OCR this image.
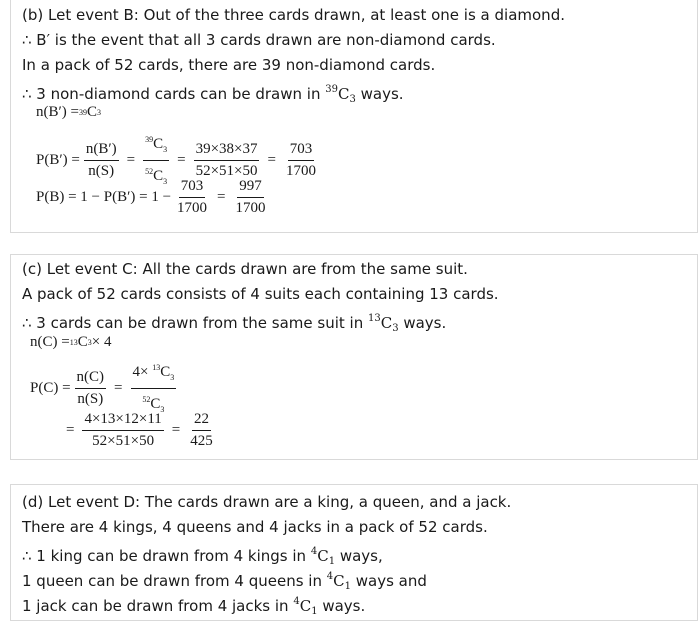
(b) Let event B: Out of the three cards drawn, at least one is a diamond.
∴ B′ is the event that all 3 cards drawn are non-diamond cards.
In a pack of 52 cards, there are 39 non-diamond cards.
∴ 3 non-diamond cards can be drawn in $^{39}C_3$ ways.
n(B′) = 39 C 3
$P(B') = \frac{n(B')}{n(S)} = \frac{^{39}C_3}{^{52}C_3} = \frac{39\times 38\times 37}{52\times 51\times 50} = \frac{703}{1700}$
$P(B) = 1 - P(B') = 1 - \frac{703}{1700} = \frac{997}{1700}$
(c) Let event C: All the cards drawn are from the same suit.
A pack of 52 cards consists of 4 suits each containing 13 cards.
∴ 3 cards can be drawn from the same suit in $^{13}C_3$ ways.
n(C) = 13 C 3 × 4
$P(C) = \frac{n(C)}{n(S)} = \frac{4\times ^{13}C_3}{^{52}C_3}$
= $\frac{4\times 13\times 12\times 11}{52\times 51\times 50} = \frac{22}{425}$
(d) Let event D: The cards drawn are a king, a queen, and a jack.
There are 4 kings, 4 queens and 4 jacks in a pack of 52 cards.
∴ 1 king can be drawn from 4 kings in $^4C_1$ ways,
1 queen can be drawn from 4 queens in $^4C_1$ ways and
1 jack can be drawn from 4 jacks in $^4C_1$ ways.
